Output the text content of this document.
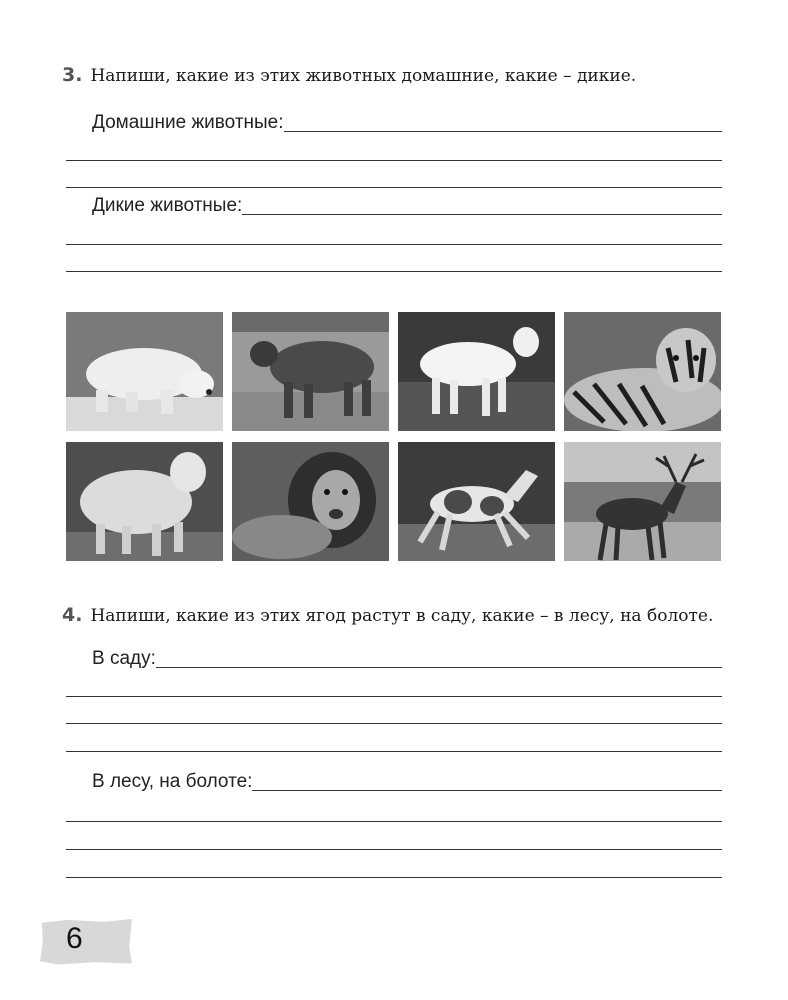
3. Напиши, какие из этих животных домашние, какие – дикие.
Домашние животные:
Дикие животные:
4. Напиши, какие из этих ягод растут в саду, какие – в лесу, на болоте.
В саду:
В лесу, на болоте:
6
